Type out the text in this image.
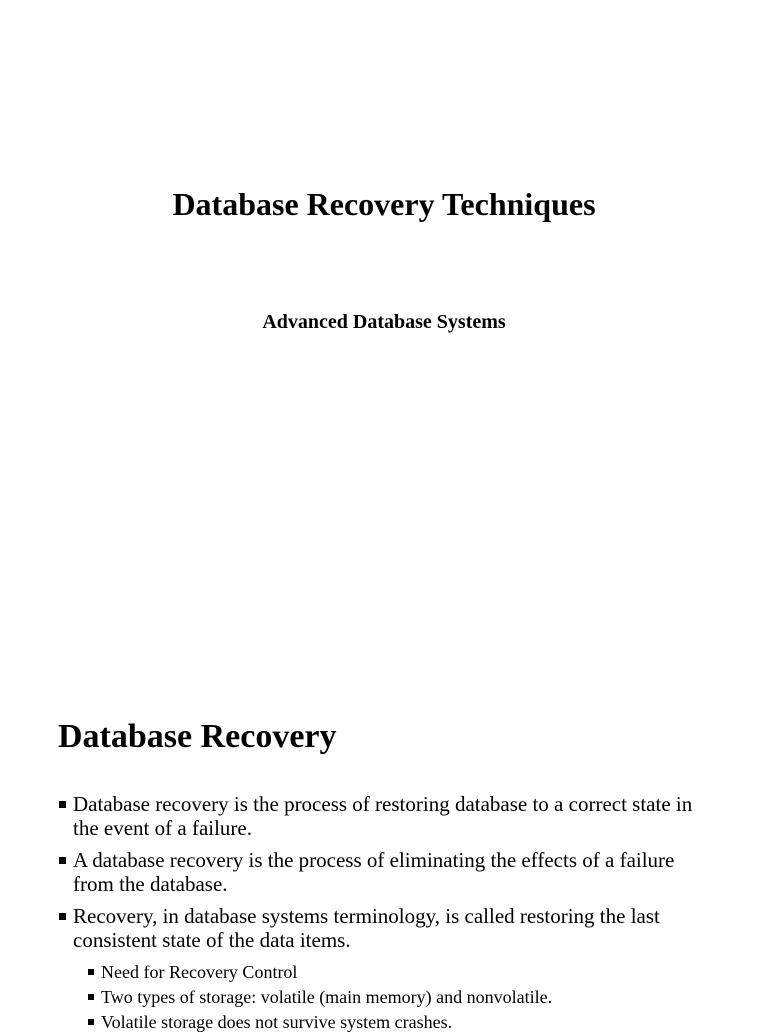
Database Recovery Techniques
Advanced Database Systems
Database Recovery
Database recovery is the process of restoring database to a correct state in the event of a failure.
A database recovery is the process of eliminating the effects of a failure from the database.
Recovery, in database systems terminology, is called restoring the last consistent state of the data items.
Need for Recovery Control
Two types of storage: volatile (main memory) and nonvolatile.
Volatile storage does not survive system crashes.
